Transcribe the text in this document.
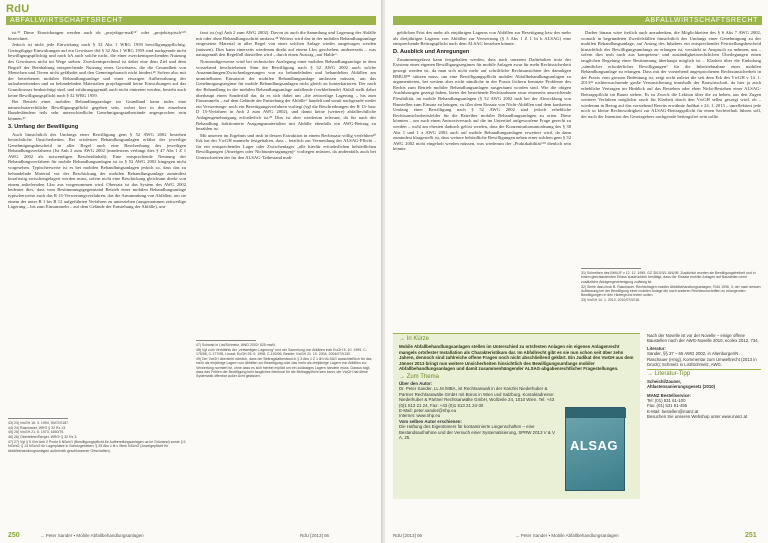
RdU
ABFALLWIRTSCHAFTSRECHT

ist.²³ Diese Einwirkungen werden auch als „projektge-maß“²´ oder „projekttypisch“²⁵ bezeichnet.

Jedoch ist nicht jede Einwirkung nach § 32 Abs 1 WRG 1959 bewilligungspflichtig. Geringfügige Einwirkungen auf ein Gewässer iSd § 32 Abs 1 WRG 1959 sind nachgerade nicht bewilligungspflichtig und nach hA auch solche nicht, die einer zweckentsprechenden Nutzung des Gewässers nicht im Wege stehen. Zweckentsprechend ist dabei eine dem Ziel und dem Begriff der Reinhaltung entsprechende Nutzung eines Gewässers, die die Gesundheit von Menschen und Tieren nicht gefährdet und den Gemeingebrauch nicht hindert.²⁶ Sofern also mit der betriebenen mobilen Behandlungsanlage und einer etwaigen Aufbewahrung der aufzubereitenden und zu behandelnden Materialien projektgemäß keine Einwirkungen auf das Grundwasser beabsichtigt sind, und erfahrungsgemäß auch nicht eintreten werden, besteht auch keine Bewilligungspflicht nach § 32 WRG 1959.

Bei Betrieb einer mobilen Behandlungsanlage im Grundland kann indes eine naturschutzrechtliche Bewilligungspflicht gegeben sein, wobei hier in den einzelnen Bundesländern teils sehr unterschiedliche Genehmigungstatbestände angesprochen sein können.²⁷

3. Umfang der Bewilligung

Auch hinsichtlich des Umfangs einer Bewilligung gem § 52 AWG 2002 bestehen beträchtliche Unsicherheiten. Bei ortsfesten Behandlungsanlagen erfährt der jeweilige Genehmigungsbescheid in aller Regel auch eine Beschreibung des jeweiligen Behandlungsverfahrens (Ist Anh 2 zum AWG 2002 (mindestens verlangt dies § 47 Abs 1 Z 1 AWG 2002 als notwendigen Bescheidinhalt). Eine entsprechende Nennung der Behandlungsverfahren für mobile Behandlungsanlagen ist in § 52 AWG 2002 hingegen nicht vorgesehen. Typischerweise ist es bei mobilen Behandlungsanlagen jedoch so, dass das zu behandelnde Material vor der Beschickung der mobilen Behandlungsanlage zumindest kurzfristig zwischengelagert werden muss, sofern nicht eine Beschickung gleichsam direkt von einem anliefernden Lkw aus vorgenommen wird. Obersatz ist das System des AWG 2002 bedeutet dies, dass vom Bestimmungsgegenstand Betrieb einer mobilen Behandlungsanlage typischerweise auch das R 13-Verwertungsverfahren, das die Ansammlung von Abfällen, um sie einem der unter R 1 bis R 12 aufgeführten Verfahren zu unterziehen (ausgenommen zeitweilige Lagerung – bis zum Einsammeln – auf dem Gelände der Entstehung der Abfälle), um-

fasst ist (vgl Anh 2 zum AWG 2002). Davon ist auch die Sammlung und Lagerung der Abfälle mit oder ohne Behandlungsschritt umfasst.²⁸ Weiters wird das in der mobilen Behandlungsanlage eingesetzte Material in aller Regel von einer solchen Anlage wieder ausgetragen werden (müssen). Dies kann einerseits wiederum direkt auf einem Lkw geschehen, andererseits – was naturgemäß den Regelfall darstellen wird – durch einen Austrag „auf Halde“.

Notwendigerweise wird bei technischer Auslegung einer mobilen Behandlungsanlage in dem vorstehend beschriebenen Sinn die Bewilligung nach § 52 AWG 2002 auch solche Ansammlungen/Zwischenlagerungen von zu behandelnden und behandelten Abfällen am unmittelbaren Einsatzort der mobilen Behandlungsanlage umfassen müssen, um das Genehmigungsregime für mobile Behandlungsanlagen nicht gleich zu konterkarieren. Der nach der Behandlung in der mobilen Behandlungsanlage anfallende (verbleibende) Abfall stellt dabei überhaupt einen Sonderfall dar, da es sich dabei um „die zeitweilige Lagerung – bis zum Einsammeln – auf dem Gelände der Entstehung der Abfälle“ handelt und somit nachgerade weder ein Verwertungs- noch ein Beseitigungsverfahren vorliegt (vgl die Beschreibungen der R 13- bzw D 15-Verfahren in Anh 2 zum AWG 2002), und damit keine (weitere) abfallrechtliche Anlagengenehmigung erforderlich ist.²⁹ Dies ist aber wiederum relevant, da für nach der Behandlung fraktionierte Ausgangsmaterialien mit Abfälle ebenfalls ein AWG-Beitrag zu bezahlen ist.

Mit unseren im Ergebnis und insb in dessen Extraktion in einem Rechtssatz völlig verfehlten³⁰ Erk hat der VwGH nunmehr festgehalten, dass – letztlich zur Vermeidung der ALSAG-Pflicht – für ein entsprechendes Lager oder Zwischenlager „alle hierfür erforderlichen behördlichen Bewilligungen (Anzeigen oder Nichtuntersagungen)“ vorliegen müssen, da andernfalls auch bei Unterschreiten der für den ALSAG-Tatbestand maß-

43) 23) VwGH 16. 3. 1994, 93/07/0187.
44) 24) Raschauer, WRG § 32 Rz 13.
45) 25) VwGH 21. 6. 1973, 1650/75.
46) 26) Oberleitner/Berger, WRG³ § 32 Rz 3.
47) 27) Vgl § 5 iVm Anh 2 Punkt 6 NSchG (Bewilligungspflicht für Aufbereitungsanlagen ua im Grünland) sowie § 6 NSchG; § 13 NSchG für Lagerplätze in Schutzgebieten; § 25 Abs 1 lit c Stmk NSchG (Anzeigepflicht für Abfallbehandlungsanlagen außerhalb geschlossener Ortschaften).
47) Schwab in List/Schmelz, AWG 2002² 525 mwN.
48) Vgl zum Verhältnis der „zeitweiligen Lagerung“ und der Sammlung von Abfällen insb EuGH 5. 10. 1999, C-175/98, C-177/98, Lirussi; EuGH 25. 6. 1998, C-192/96, Beside; VwGH 21. 10. 2004, 2004/07/0130.
49) Der VwGH übersieht nämlich, dass der Beitragstatbestand in § 3 Abs 1 Z 1 lit b ALSAG ausschließlich für das mehr als einjährige Lagern von Abfällen zur Beseitigung oder das mehr als dreijährige Lagern von Abfällen zur Verwertung normiert ist, ohne dass es sich hierbei explizit um ein zulässiges Lagern handeln muss. Daraus folgt, dass das Fehlen der Bewilligung kein taugliches Merkmal für die Beitragspflicht sein kann; der VwGH hat diese Systematik offenbar außer Acht gelassen.
250	→ Peter Sander ▪ Mobile Abfallbehandlungsanlagen	RdU [2013] 06
ABFALLWIRTSCHAFTSRECHT

geblichen Frist des mehr als einjährigen Lagerns von Abfällen zur Beseitigung bzw des mehr als dreijährigen Lagerns von Abfällen zur Verwertung (§ 3 Abs 1 Z 1 lit b ALSAG) eine entsprechende Beitragspflicht nach dem ALSAG bestehen könnte.

D. Ausblick und Anregungen

Zusammengefasst kann festgehalten werden, dass nach unserem Dafürhalten trotz der Existenz eines eigenen Bewilligungsregimes für mobile Anlagen zwar für mehr Rechtssicherheit gesorgt werden ist, da man sich nicht mehr auf schriftliche Rechtsansichten des damaligen BMUJF³¹ stützen muss, um eine Bewilligungspflicht mobiler Abfallbehandlungsanlagen zu argumentieren, bei weitem aber nicht sämtliche in der Praxis löchern benutzte Probleme des Rechts zum Betrieb mobiler Behandlungsanlagen ausgeräumt worden sind. Wie die obigen Ausführungen gezeigt haben, bietet der bestehende Rechtsrahmen zwar einerseits ausreichende Flexibilität, im mobile Behandlungsanlagen (§ 52 AWG 2002 insb bei der Abwicklung von Baustellen zum Einsatz zu bringen, va iZm dem Einsatz von Nicht-Abfällen und dem konkreten Umfang einer Bewilligung nach § 52 AWG 2002 sind jedoch erhebliche Rechtsunsicherheitsfelder für die Betreiber mobiler Behandlungsanlagen zu orten. Diese könnten – um auch einen Antwortversuch auf die im Untertitel aufgeworfene Frage gerecht zu werden – wohl am ehesten dadurch gelöst werden, dass die Konzentrationsanordnung des § 38 Abs 1 und 1 a AWG 2002 auch auf mobile Behandlungsanlagen erweitert wird, da dann zumindest klargestellt ist, dass weitere behördliche Bewilligungen neben einer solchen gem § 52 AWG 2002 nicht eingeholt werden müssen, was wiederum der „Praktikabilität“³² dienlich sein könnte.

Darber hinaus wäre freilich auch anzudenken, die Möglichkeiten des § 6 Abs 7 AWG 2002, wonach in begründeten Zweifelsfällen hinsichtlich des Umfangs einer Genehmigung zu der mobilen Behandlungsanlage, auf Antrag des Inhabers ein entsprechender Feststellungsbescheid hinsichtlich des Bewilligungsumfangs zu erlangen ist, verstärkt in Anspruch zu nehmen, um – sofern dies insb auch aus kompetenz- und zuständigkeitsrechtlichen Überlegungen einen tauglichen Regelung einer Bestimmung überhaupt möglich ist – Klarheit über die Einholung „sämtlicher erforderlicher Bewilligungen“ für die Inbetriebnahme einer mobilen Behandlungsanlage zu erlangen. Dass mit der vorstehend angesprochenen Rechtsunsicherheit in der Praxis vom grossen Bedeutung ist, zeigt nicht zuletzt die seit dem Erk des VwGH v 14. 1. 2013³³ nichterwachsende große Verunsicherung innerhalb der Bauwirtschaft, da hier ja auch erhebliche Vertragen im Hinblick auf das Bestehen oder eben Nicht-Bestehen einer ALSAG-Beitragspflicht im Raum stehen. Es ist Zweck die Lektion über die zu heben, aus den Zugen weiterer Verfahren möglichst rasch für Klarheit durch den VwGH selbst gesorgt wird, ob – wiederum in Bezug auf das vorstehend Bereits erwähnte Judikat v 24. 1. 2013 – unreflektiert jede noch so kleine Rechtswidrigkeit zur ALSAG-Beitragspflicht für einen Sachverhalt führen soll, der nach der Intention des Gesetzgebers nachgerade beitragsfrei sein sollte.

31) Schreiben des BMUJF v 12. 12. 1995, GZ 3010/3/1-III/4/95. Zusätzlich wurden sie Bewilligungsfreiheit und in einem gleichlautenden Erlass ausdrücklich bestätigt, dass der Einsatz mobiler Anlagen auf Baustellen ohne zusätzliche Anlagengenehmigung zulässig ist.
32) Siehe dazu insb B. Raschauer, Rechtsfragen mobiler Abfallbehandlungsanlagen, RdU 1996, 3; der nach dessen Auffassung bei der Bewilligung einer mobilen Anlage die nach anderen Rechtsvorschriften zu erlangenden Bewilligungen in den Hintergrund treten sollen.
33) VwGH 14. 1. 2013, 2010/07/0218.
→ In Kürze
Mobile Abfallbehandlungsanlagen stellen im Unterschied zu ortsfesten Anlagen ein eigenes Anlagenrecht mangels ortsfester Installation als Charakteristikum dar. Im Abfallrecht gibt es sie nun schon seit über zehn Jahren, dennoch sind zahlreiche offene Fragen noch nicht abschließend geklärt. Ein Judikat des VwGH aus dem Jänner 2013 bringt nun weitere Unsicherheiten hinsichtlich des Bewilligungsumfangs mobiler Abfallbehandlungsanlagen und damit zusammenhängender ALSAG-abgabenrechtlicher Fragestellungen.
→ Zum Thema
Über den Autor:
Dr. Peter Sander, LL.M./MBA, ist Rechtsanwalt in der Kanzlei Niederhuber & Partner Rechtsanwälte GmbH mit Büros in Wien und Salzburg. Kontaktadresse: Niederhuber & Partner Rechtsanwälte GmbH, Wollzeile 24, 1010 Wien. Tel: +43 (0)1 513 21 24, Fax: +43 (0)1 513 21 24-30
E-Mail: peter.sander@nhp.eu
Internet: www.nhp.eu
Vom selben Autor erschienen:
Die Haftung des Eigentümers für kontaminierte Liegenschaften – eine Bestandsaufnahme und der Versuch einer Systematisierung, SPRW 2013 V & V A, 25.
ALSAG
Nach der Novelle ist vor der Novelle – einige offene Baustellen nach der AWG-Novelle 2010, ecolex 2012, 734.
Literatur:
Sander, §§ 37 – 65 AWG 2002, in Altenburger/N. Raschauer (Hrsg), Kommentar zum Umweltrecht (2013 in Druck); Schmelz in List/Schmelz, AWG.
→ Literatur-Tipp
Scheichl/Zauner,
Altlastensanierungsgesetz (2010)
MANZ Bestellservice:
Tel: (01) 531 61-100
Fax: (01) 531 61-455
E-Mail: bestellen@manz.at
Besuchen Sie unseren Webshop unter www.manz.at
RdU [2013] 06	→ Peter Sander ▪ Mobile Abfallbehandlungsanlagen	251
